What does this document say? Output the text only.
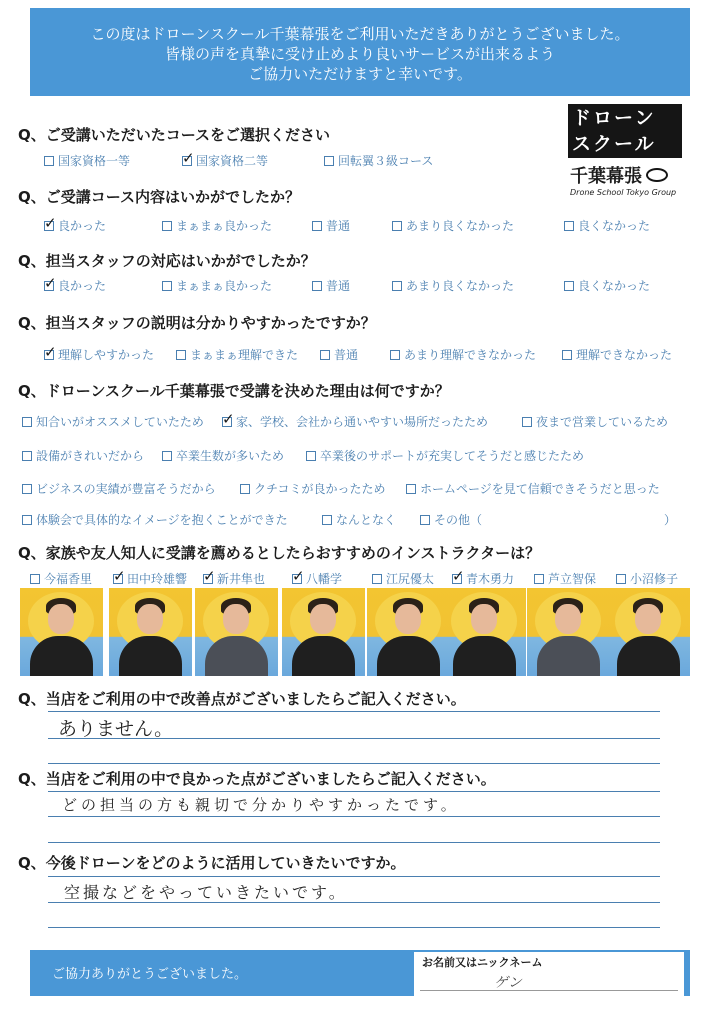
この度はドローンスクール千葉幕張をご利用いただきありがとうございました。
皆様の声を真摯に受け止めより良いサービスが出来るよう
ご協力いただけますと幸いです。
ドローン
スクール
千葉幕張
Drone School Tokyo Group
Q、ご受講いただいたコースをご選択ください
国家資格一等 ✓	国家資格二等	回転翼３級コース
Q、ご受講コース内容はいかがでしたか？
✓
良かった	まぁまぁ良かった	普通	あまり良くなかった	良くなかった
Q、担当スタッフの対応はいかがでしたか？
✓
良かった	まぁまぁ良かった	普通	あまり良くなかった	良くなかった
Q、担当スタッフの説明は分かりやすかったですか？
✓
理解しやすかった	まぁまぁ理解できた	普通	あまり理解できなかった	理解できなかった
Q、ドローンスクール千葉幕張で受講を決めた理由は何ですか？
知合いがオススメしていたため ✓	家、学校、会社から通いやすい場所だったため	夜まで営業しているため
設備がきれいだから	卒業生数が多いため	卒業後のサポートが充実してそうだと感じたため
ビジネスの実績が豊富そうだから	クチコミが良かったため	ホームページを見て信頼できそうだと思った
体験会で具体的なイメージを抱くことができた	なんとなく	その他（	）
Q、家族や友人知人に受講を薦めるとしたらおすすめのインストラクターは？
今福香里 ✓	田中玲雄響 ✓ 新井隼也 ✓	八幡学	江尻優太 ✓	青木勇力	芦立智保	小沼修子
Q、当店をご利用の中で改善点がございましたらご記入ください。
ありません。
Q、当店をご利用の中で良かった点がございましたらご記入ください。
どの担当の方も親切で分かりやすかったです。
Q、今後ドローンをどのように活用していきたいですか。
空撮などをやっていきたいです。
ご協力ありがとうございました。
お名前又はニックネーム
ゲン
